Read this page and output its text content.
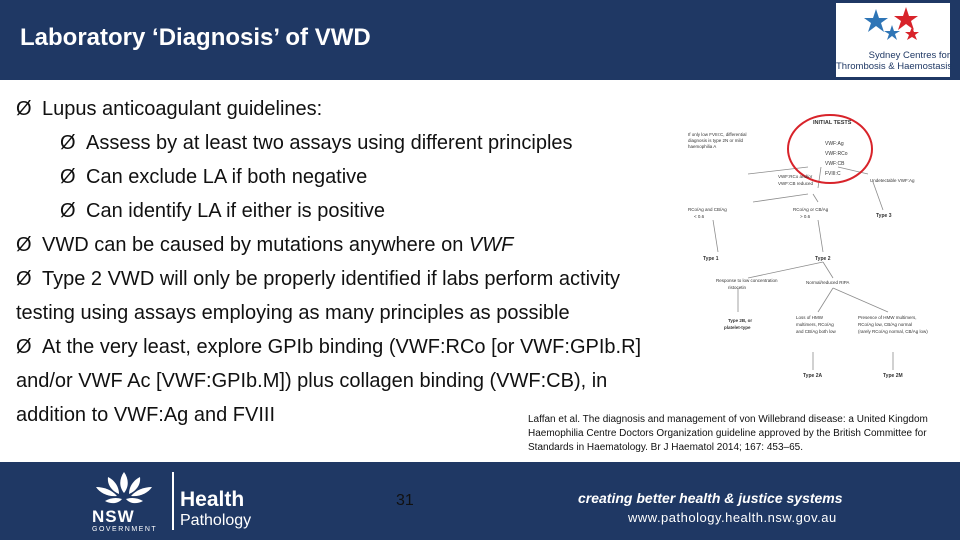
Laboratory ‘Diagnosis’ of VWD
Sydney Centres for
Thrombosis & Haemostasis
Ø Lupus anticoagulant guidelines:
Ø Assess by at least two assays using different principles
Ø Can exclude LA if both negative
Ø Can identify LA if either is positive
Ø VWD can be caused by mutations anywhere on VWF
Ø Type 2 VWD will only be properly identified if labs perform activity
testing using assays employing as many principles as possible
Ø At the very least, explore GPIb binding (VWF:RCo [or VWF:GPIb.R]
and/or VWF Ac [VWF:GPIb.M]) plus collagen binding (VWF:CB), in
addition to VWF:Ag and FVIII
INITIAL TESTS
VWF:Ag
VWF:RCo
VWF:CB
FVIII:C
If only low FVIII:C, differential
diagnosis is type 2N or mild
haemophilia A
Undetectable VWF:Ag
VWF:RCo and/or
VWF:CB reduced
RCo/Ag and CB/Ag
< 0.6
RCo/Ag or CB/Ag
> 0.6	Type 3
Type 1	Type 2
Response to low concentration
ristocetin
Normal/reduced RIPA
Type 2B, or
platelet-type
Loss of HMW
multimers, RCo/Ag
and CB/Ag both low
Presence of HMW multimers,
RCo/Ag low, CB/Ag normal
(rarely RCo/Ag normal, CB/Ag low)
Type 2A	Type 2M
Laffan et al. The diagnosis and management of von Willebrand disease: a United Kingdom Haemophilia Centre Doctors Organization guideline approved by the British Committee for Standards in Haematology. Br J Haematol 2014; 167: 453–65.
NSW
GOVERNMENT
Health
Pathology
31	creating better health & justice systems
www.pathology.health.nsw.gov.au
